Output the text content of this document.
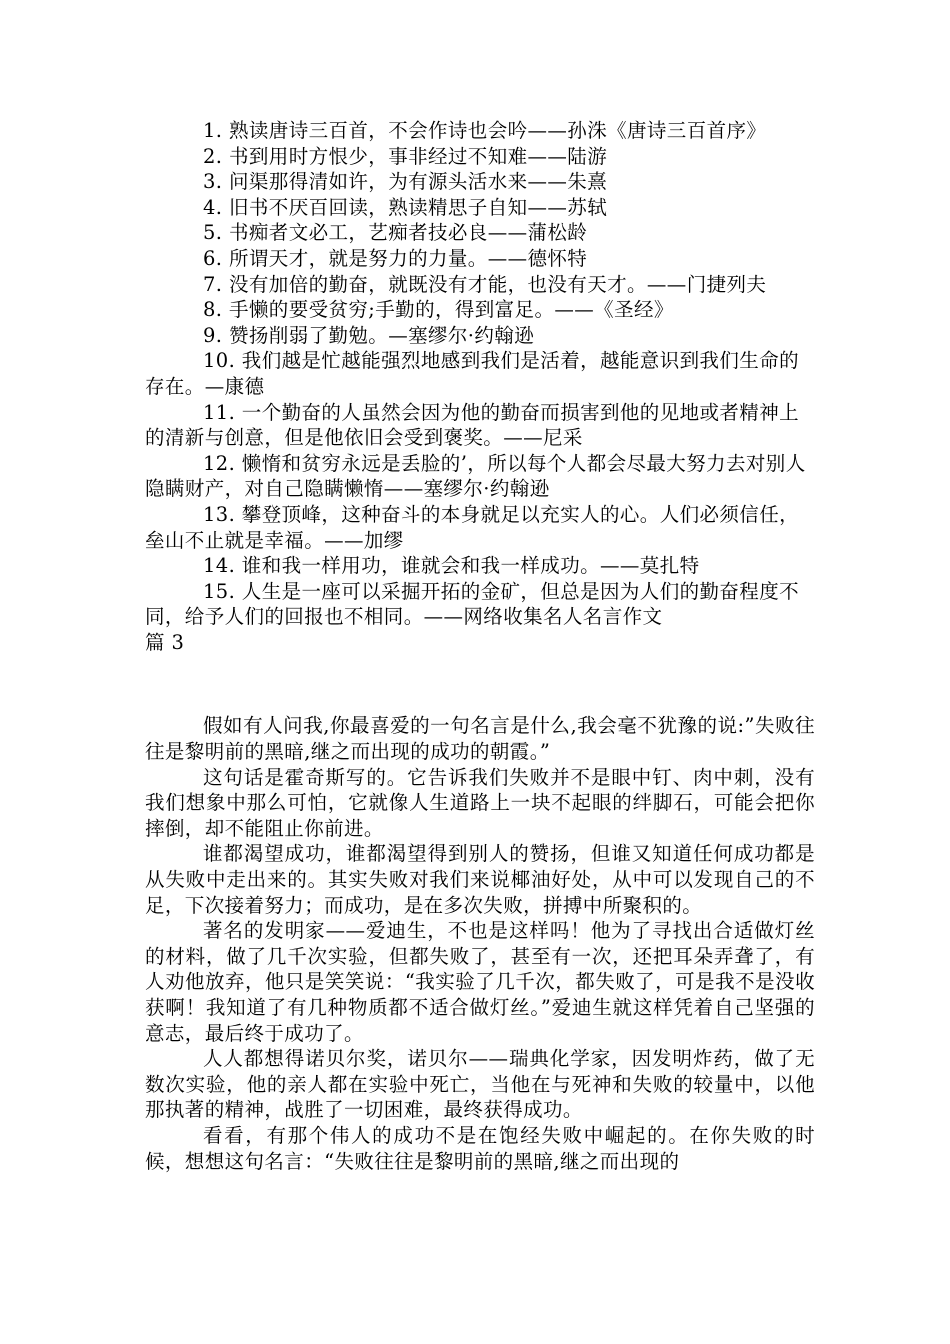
1. 熟读唐诗三百首，不会作诗也会吟——孙洙《唐诗三百首序》

2. 书到用时方恨少，事非经过不知难——陆游

3. 问渠那得清如许，为有源头活水来——朱熹

4. 旧书不厌百回读，熟读精思子自知——苏轼

5. 书痴者文必工，艺痴者技必良——蒲松龄

6. 所谓天才，就是努力的力量。——德怀特

7. 没有加倍的勤奋，就既没有才能，也没有天才。——门捷列夫

8. 手懒的要受贫穷;手勤的，得到富足。——《圣经》

9. 赞扬削弱了勤勉。—塞缪尔·约翰逊

10. 我们越是忙越能强烈地感到我们是活着，越能意识到我们生命的存在。—康德

11. 一个勤奋的人虽然会因为他的勤奋而损害到他的见地或者精神上的清新与创意，但是他依旧会受到褒奖。——尼采

12. 懒惰和贫穷永远是丢脸的’，所以每个人都会尽最大努力去对别人隐瞒财产，对自己隐瞒懒惰——塞缪尔·约翰逊

13. 攀登顶峰，这种奋斗的本身就足以充实人的心。人们必须信任，垒山不止就是幸福。——加缪

14. 谁和我一样用功，谁就会和我一样成功。——莫扎特

15. 人生是一座可以采掘开拓的金矿，但总是因为人们的勤奋程度不同，给予人们的回报也不相同。——网络收集名人名言作文

篇 3

假如有人问我,你最喜爱的一句名言是什么,我会毫不犹豫的说:”失败往往是黎明前的黑暗,继之而出现的成功的朝霞。”

这句话是霍奇斯写的。它告诉我们失败并不是眼中钉、肉中刺，没有我们想象中那么可怕，它就像人生道路上一块不起眼的绊脚石，可能会把你摔倒，却不能阻止你前进。

谁都渴望成功，谁都渴望得到别人的赞扬，但谁又知道任何成功都是从失败中走出来的。其实失败对我们来说椰油好处，从中可以发现自己的不足，下次接着努力；而成功，是在多次失败，拼搏中所聚积的。

著名的发明家——爱迪生，不也是这样吗！他为了寻找出合适做灯丝的材料，做了几千次实验，但都失败了，甚至有一次，还把耳朵弄聋了，有人劝他放弃，他只是笑笑说：“我实验了几千次，都失败了，可是我不是没收获啊！我知道了有几种物质都不适合做灯丝。”爱迪生就这样凭着自己坚强的意志，最后终于成功了。

人人都想得诺贝尔奖，诺贝尔——瑞典化学家，因发明炸药，做了无数次实验，他的亲人都在实验中死亡，当他在与死神和失败的较量中，以他那执著的精神，战胜了一切困难，最终获得成功。

看看，有那个伟人的成功不是在饱经失败中崛起的。在你失败的时候，想想这句名言：“失败往往是黎明前的黑暗,继之而出现的
